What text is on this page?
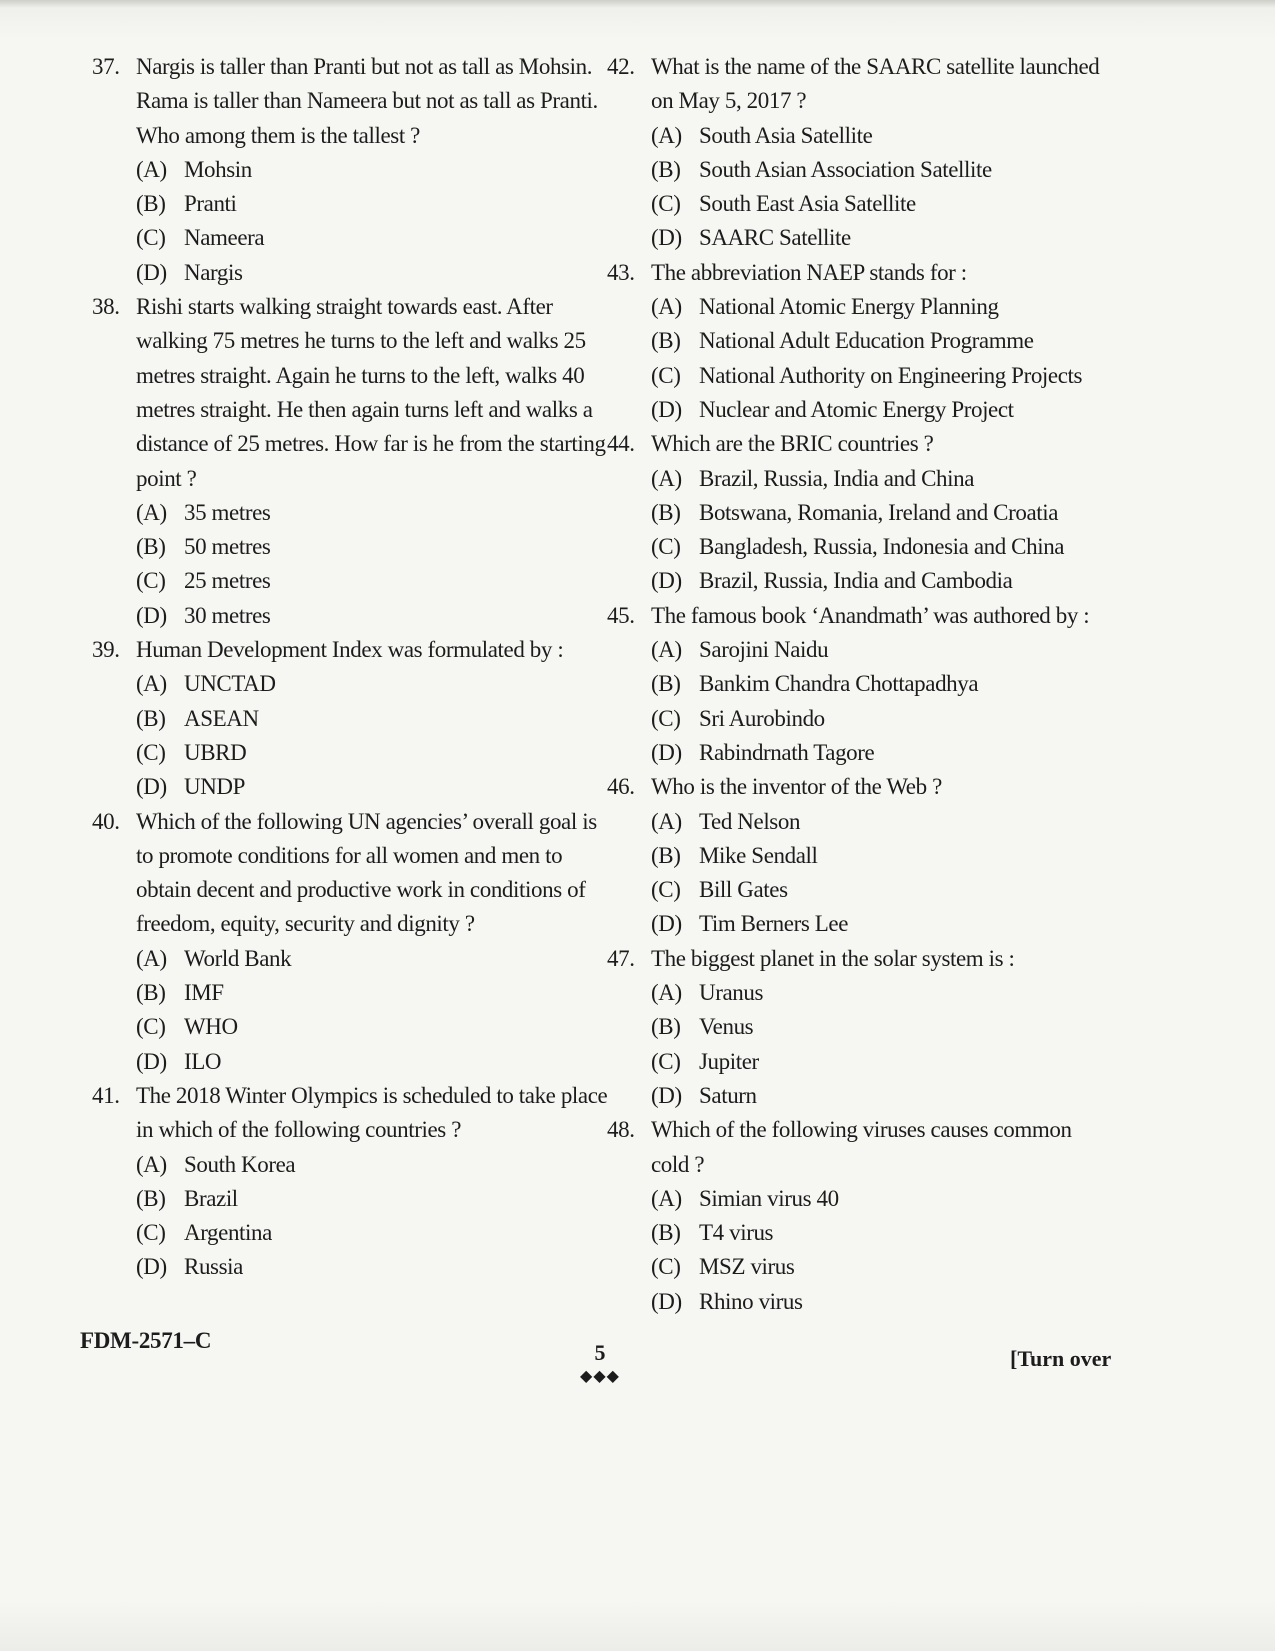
37. Nargis is taller than Pranti but not as tall as Mohsin.
Rama is taller than Nameera but not as tall as Pranti.
Who among them is the tallest ?
(A) Mohsin
(B) Pranti
(C) Nameera
(D) Nargis
38. Rishi starts walking straight towards east. After
walking 75 metres he turns to the left and walks 25
metres straight. Again he turns to the left, walks 40
metres straight. He then again turns left and walks a
distance of 25 metres. How far is he from the starting
point ?
(A) 35 metres
(B) 50 metres
(C) 25 metres
(D) 30 metres
39. Human Development Index was formulated by :
(A) UNCTAD
(B) ASEAN
(C) UBRD
(D) UNDP
40. Which of the following UN agencies’ overall goal is
to promote conditions for all women and men to
obtain decent and productive work in conditions of
freedom, equity, security and dignity ?
(A) World Bank
(B) IMF
(C) WHO
(D) ILO
41. The 2018 Winter Olympics is scheduled to take place
in which of the following countries ?
(A) South Korea
(B) Brazil
(C) Argentina
(D) Russia
42. What is the name of the SAARC satellite launched
on May 5, 2017 ?
(A) South Asia Satellite
(B) South Asian Association Satellite
(C) South East Asia Satellite
(D) SAARC Satellite
43. The abbreviation NAEP stands for :
(A) National Atomic Energy Planning
(B) National Adult Education Programme
(C) National Authority on Engineering Projects
(D) Nuclear and Atomic Energy Project
44. Which are the BRIC countries ?
(A) Brazil, Russia, India and China
(B) Botswana, Romania, Ireland and Croatia
(C) Bangladesh, Russia, Indonesia and China
(D) Brazil, Russia, India and Cambodia
45. The famous book ‘Anandmath’ was authored by :
(A) Sarojini Naidu
(B) Bankim Chandra Chottapadhya
(C) Sri Aurobindo
(D) Rabindrnath Tagore
46. Who is the inventor of the Web ?
(A) Ted Nelson
(B) Mike Sendall
(C) Bill Gates
(D) Tim Berners Lee
47. The biggest planet in the solar system is :
(A) Uranus
(B) Venus
(C) Jupiter
(D) Saturn
48. Which of the following viruses causes common
cold ?
(A) Simian virus 40
(B) T4 virus
(C) MSZ virus
(D) Rhino virus
FDM-2571–C	5
◆◆◆
[Turn over
